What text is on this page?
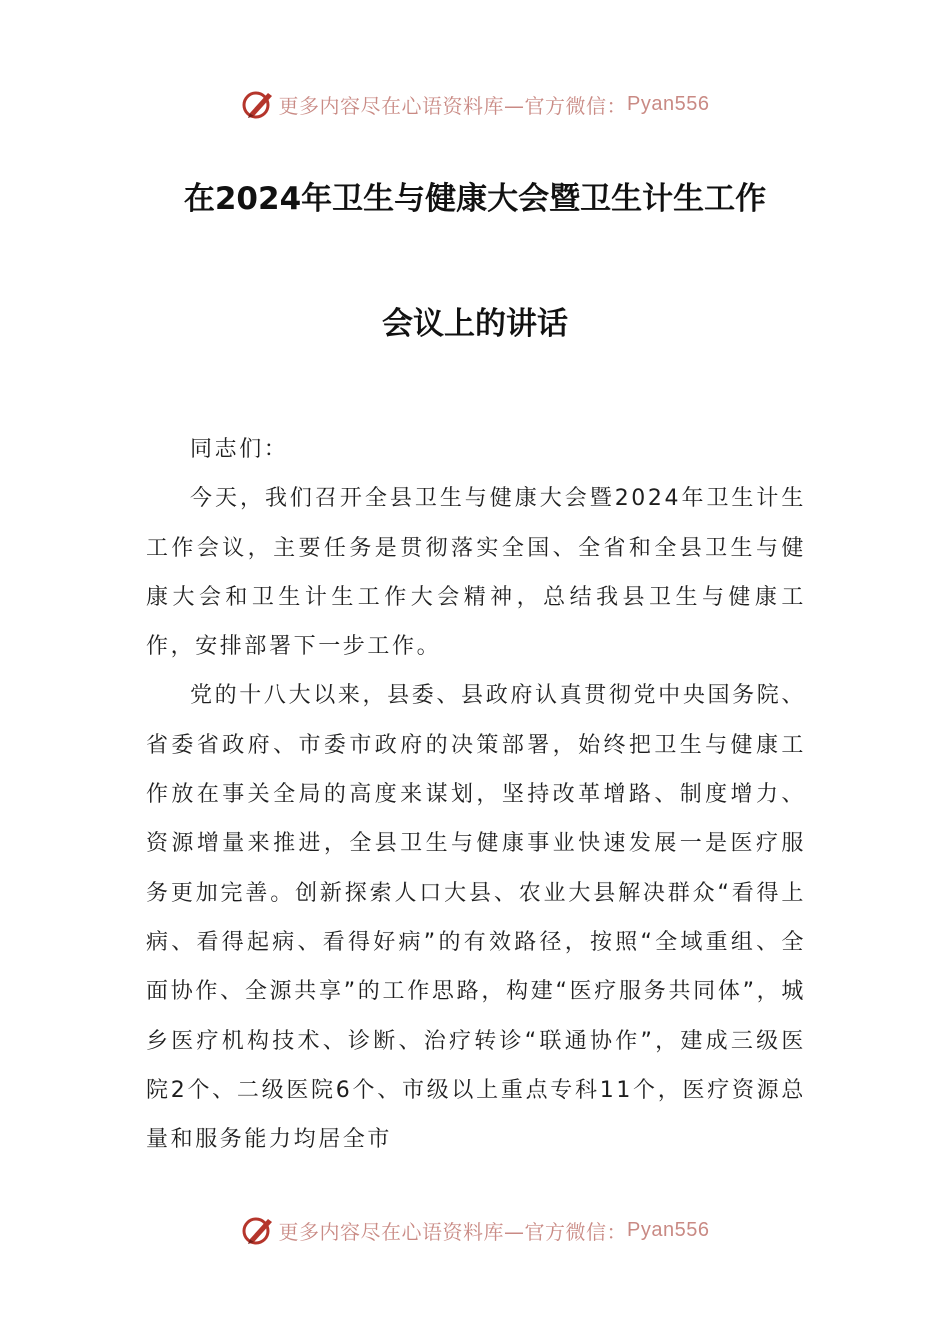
更多内容尽在心语资料库—官方微信： Pyan556
在2024年卫生与健康大会暨卫生计生工作
会议上的讲话

同志们：

今天，我们召开全县卫生与健康大会暨2024年卫生计生工作会议，主要任务是贯彻落实全国、全省和全县卫生与健康大会和卫生计生工作大会精神，总结我县卫生与健康工作，安排部署下一步工作。

党的十八大以来，县委、县政府认真贯彻党中央国务院、省委省政府、市委市政府的决策部署，始终把卫生与健康工作放在事关全局的高度来谋划，坚持改革增路、制度增力、资源增量来推进，全县卫生与健康事业快速发展一是医疗服务更加完善。创新探索人口大县、农业大县解决群众“看得上病、看得起病、看得好病”的有效路径，按照“全域重组、全面协作、全源共享”的工作思路，构建“医疗服务共同体”，城乡医疗机构技术、诊断、治疗转诊“联通协作”，建成三级医院2个、二级医院6个、市级以上重点专科11个，医疗资源总量和服务能力均居全市

更多内容尽在心语资料库—官方微信： Pyan556
